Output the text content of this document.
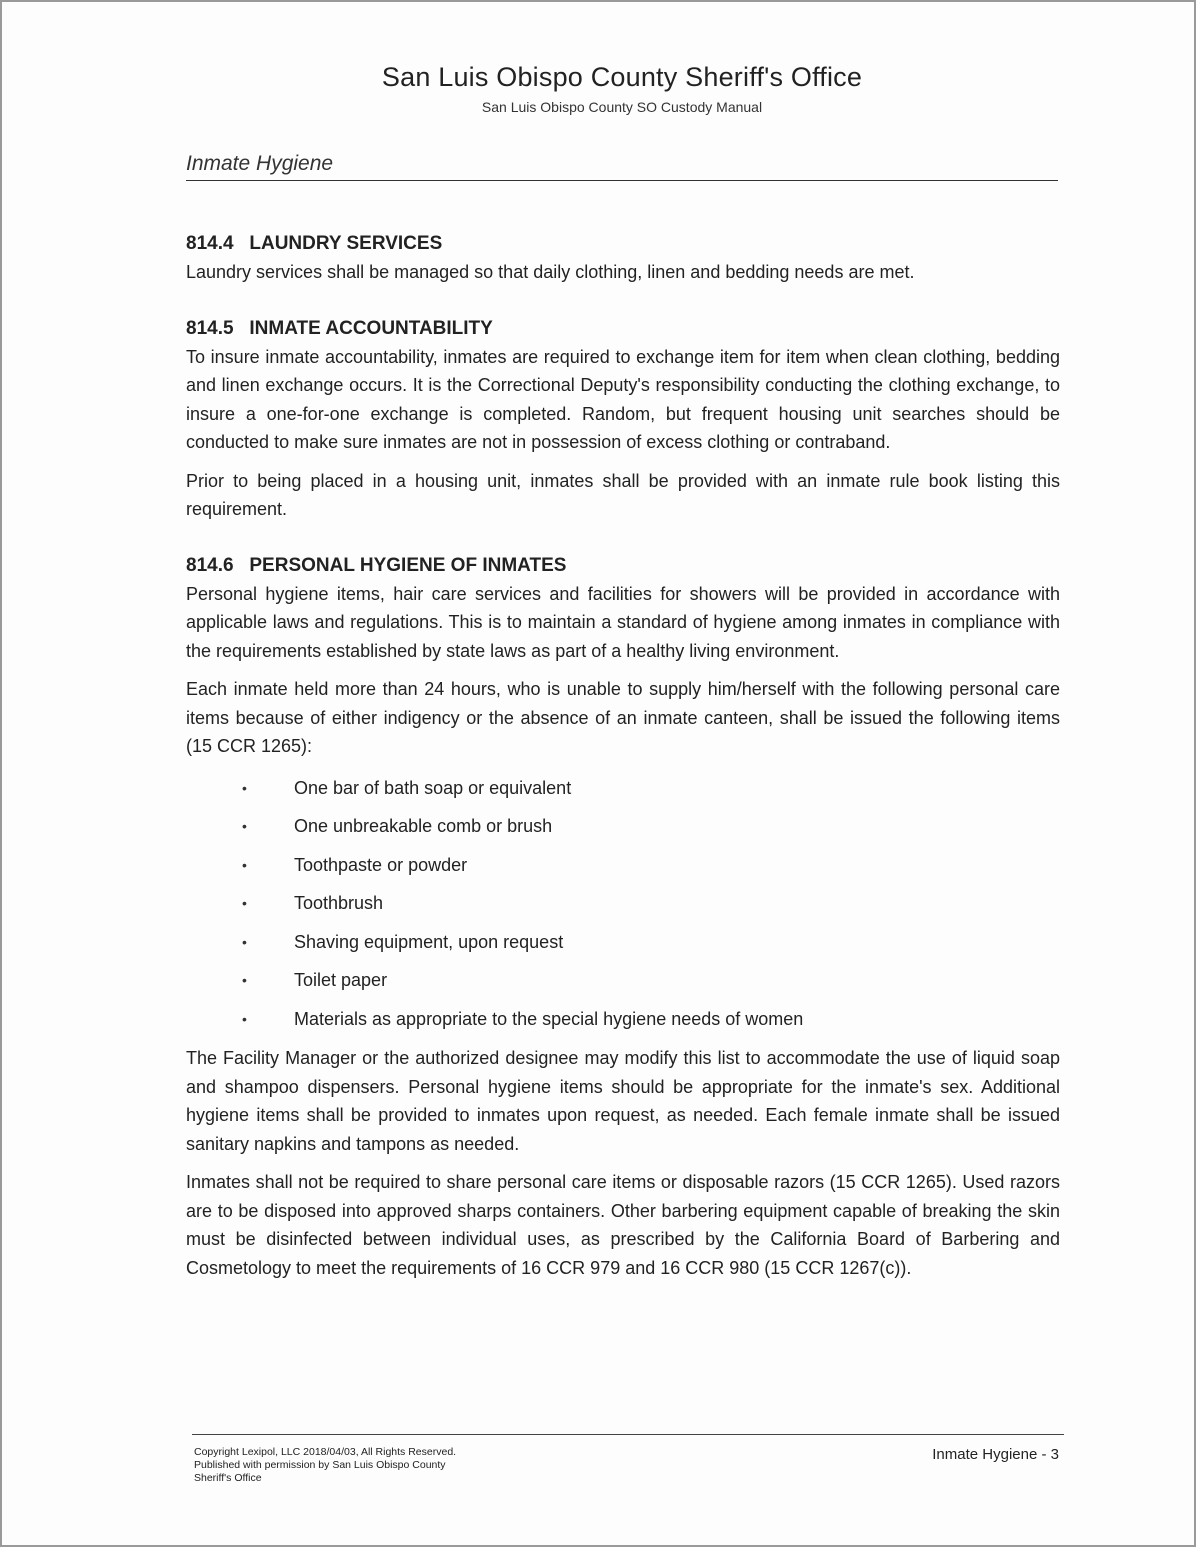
San Luis Obispo County Sheriff's Office
San Luis Obispo County SO Custody Manual
Inmate Hygiene
814.4   LAUNDRY SERVICES

Laundry services shall be managed so that daily clothing, linen and bedding needs are met.

814.5   INMATE ACCOUNTABILITY

To insure inmate accountability, inmates are required to exchange item for item when clean clothing, bedding and linen exchange occurs. It is the Correctional Deputy's responsibility conducting the clothing exchange, to insure a one-for-one exchange is completed. Random, but frequent housing unit searches should be conducted to make sure inmates are not in possession of excess clothing or contraband.

Prior to being placed in a housing unit, inmates shall be provided with an inmate rule book listing this requirement.

814.6   PERSONAL HYGIENE OF INMATES

Personal hygiene items, hair care services and facilities for showers will be provided in accordance with applicable laws and regulations. This is to maintain a standard of hygiene among inmates in compliance with the requirements established by state laws as part of a healthy living environment.

Each inmate held more than 24 hours, who is unable to supply him/herself with the following personal care items because of either indigency or the absence of an inmate canteen, shall be issued the following items (15 CCR 1265):

•	One bar of bath soap or equivalent
•	One unbreakable comb or brush
•	Toothpaste or powder
•	Toothbrush
•	Shaving equipment, upon request
•	Toilet paper
•	Materials as appropriate to the special hygiene needs of women

The Facility Manager or the authorized designee may modify this list to accommodate the use of liquid soap and shampoo dispensers. Personal hygiene items should be appropriate for the inmate's sex. Additional hygiene items shall be provided to inmates upon request, as needed. Each female inmate shall be issued sanitary napkins and tampons as needed.

Inmates shall not be required to share personal care items or disposable razors (15 CCR 1265). Used razors are to be disposed into approved sharps containers. Other barbering equipment capable of breaking the skin must be disinfected between individual uses, as prescribed by the California Board of Barbering and Cosmetology to meet the requirements of 16 CCR 979 and 16 CCR 980 (15 CCR 1267(c)).

Copyright Lexipol, LLC 2018/04/03, All Rights Reserved.
Published with permission by San Luis Obispo County
Sheriff's Office
Inmate Hygiene - 3
